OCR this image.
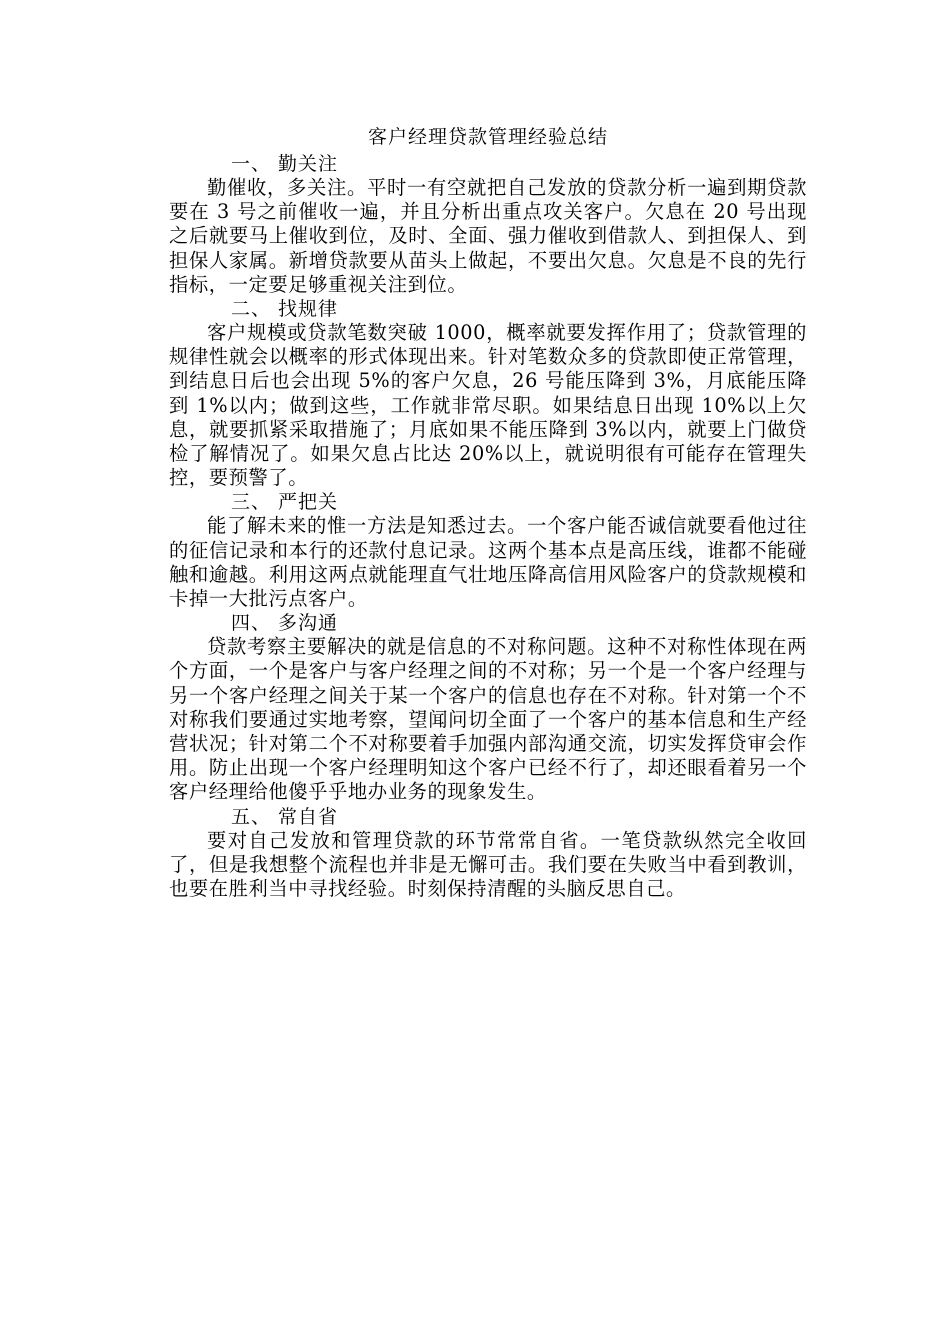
客户经理贷款管理经验总结
一、 勤关注

勤催收，多关注。平时一有空就把自己发放的贷款分析一遍到期贷款要在 3 号之前催收一遍，并且分析出重点攻关客户。欠息在 20 号出现之后就要马上催收到位，及时、全面、强力催收到借款人、到担保人、到担保人家属。新增贷款要从苗头上做起，不要出欠息。欠息是不良的先行指标，一定要足够重视关注到位。

二、 找规律

客户规模或贷款笔数突破 1000，概率就要发挥作用了；贷款管理的规律性就会以概率的形式体现出来。针对笔数众多的贷款即使正常管理，到结息日后也会出现 5%的客户欠息，26 号能压降到 3%，月底能压降到 1%以内；做到这些，工作就非常尽职。如果结息日出现 10%以上欠息，就要抓紧采取措施了；月底如果不能压降到 3%以内，就要上门做贷检了解情况了。如果欠息占比达 20%以上，就说明很有可能存在管理失控，要预警了。

三、 严把关

能了解未来的惟一方法是知悉过去。一个客户能否诚信就要看他过往的征信记录和本行的还款付息记录。这两个基本点是高压线，谁都不能碰触和逾越。利用这两点就能理直气壮地压降高信用风险客户的贷款规模和卡掉一大批污点客户。

四、 多沟通

贷款考察主要解决的就是信息的不对称问题。这种不对称性体现在两个方面，一个是客户与客户经理之间的不对称；另一个是一个客户经理与另一个客户经理之间关于某一个客户的信息也存在不对称。针对第一个不对称我们要通过实地考察，望闻问切全面了一个客户的基本信息和生产经营状况；针对第二个不对称要着手加强内部沟通交流，切实发挥贷审会作用。防止出现一个客户经理明知这个客户已经不行了，却还眼看着另一个客户经理给他傻乎乎地办业务的现象发生。

五、 常自省

要对自己发放和管理贷款的环节常常自省。一笔贷款纵然完全收回了，但是我想整个流程也并非是无懈可击。我们要在失败当中看到教训，也要在胜利当中寻找经验。时刻保持清醒的头脑反思自己。
